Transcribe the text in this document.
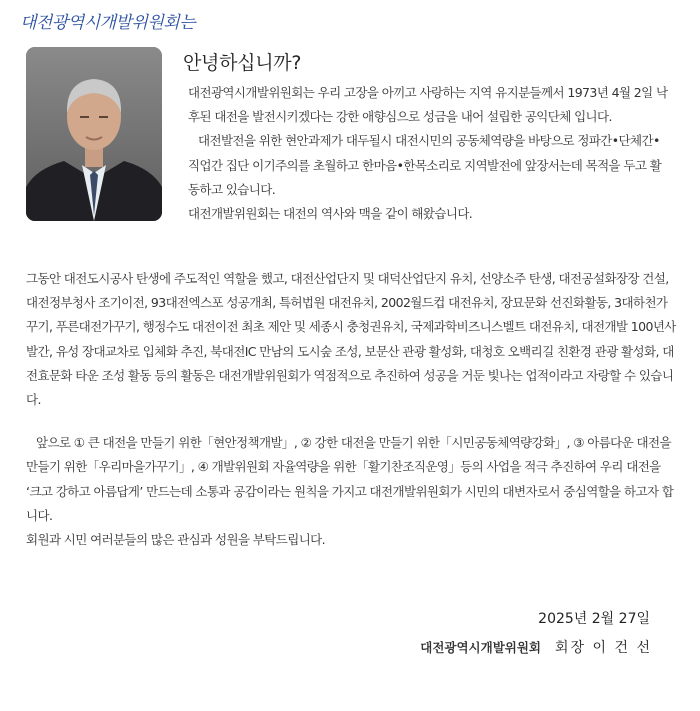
대전광역시개발위원회는
안녕하십니까?

대전광역시개발위원회는 우리 고장을 아끼고 사랑하는 지역 유지분들께서 1973년 4월 2일 낙후된 대전을 발전시키겠다는 강한 애향심으로 성금을 내어 설립한 공익단체 입니다.

대전발전을 위한 현안과제가 대두될시 대전시민의 공동체역량을 바탕으로 정파간•단체간•직업간 집단 이기주의를 초월하고 한마음•한목소리로 지역발전에 앞장서는데 목적을 두고 활동하고 있습니다.

대전개발위원회는 대전의 역사와 맥을 같이 해왔습니다.

그동안 대전도시공사 탄생에 주도적인 역할을 했고, 대전산업단지 및 대덕산업단지 유치, 선양소주 탄생, 대전공설화장장 건설, 대전정부청사 조기이전, 93대전엑스포 성공개최, 특허법원 대전유치, 2002월드컵 대전유치, 장묘문화 선진화활동, 3대하천가꾸기, 푸른대전가꾸기, 행정수도 대전이전 최초 제안 및 세종시 충청권유치, 국제과학비즈니스벨트 대전유치, 대전개발 100년사 발간, 유성 장대교차로 입체화 추진, 북대전IC 만남의 도시숲 조성, 보문산 관광 활성화, 대청호 오백리길 친환경 관광 활성화, 대전효문화 타운 조성 활동 등의 활동은 대전개발위원회가 역점적으로 추진하여 성공을 거둔 빛나는 업적이라고 자랑할 수 있습니다.

앞으로 ① 큰 대전을 만들기 위한「현안정책개발」, ② 강한 대전을 만들기 위한「시민공동체역량강화」, ③ 아름다운 대전을 만들기 위한「우리마을가꾸기」, ④ 개발위원회 자율역량을 위한「활기찬조직운영」등의 사업을 적극 추진하여 우리 대전을 ‘크고 강하고 아름답게’ 만드는데 소통과 공감이라는 원칙을 가지고 대전개발위원회가 시민의 대변자로서 중심역할을 하고자 합니다.

회원과 시민 여러분들의 많은 관심과 성원을 부탁드립니다.

2025년 2월 27일
대전광역시개발위원회 회장 이 건 선
